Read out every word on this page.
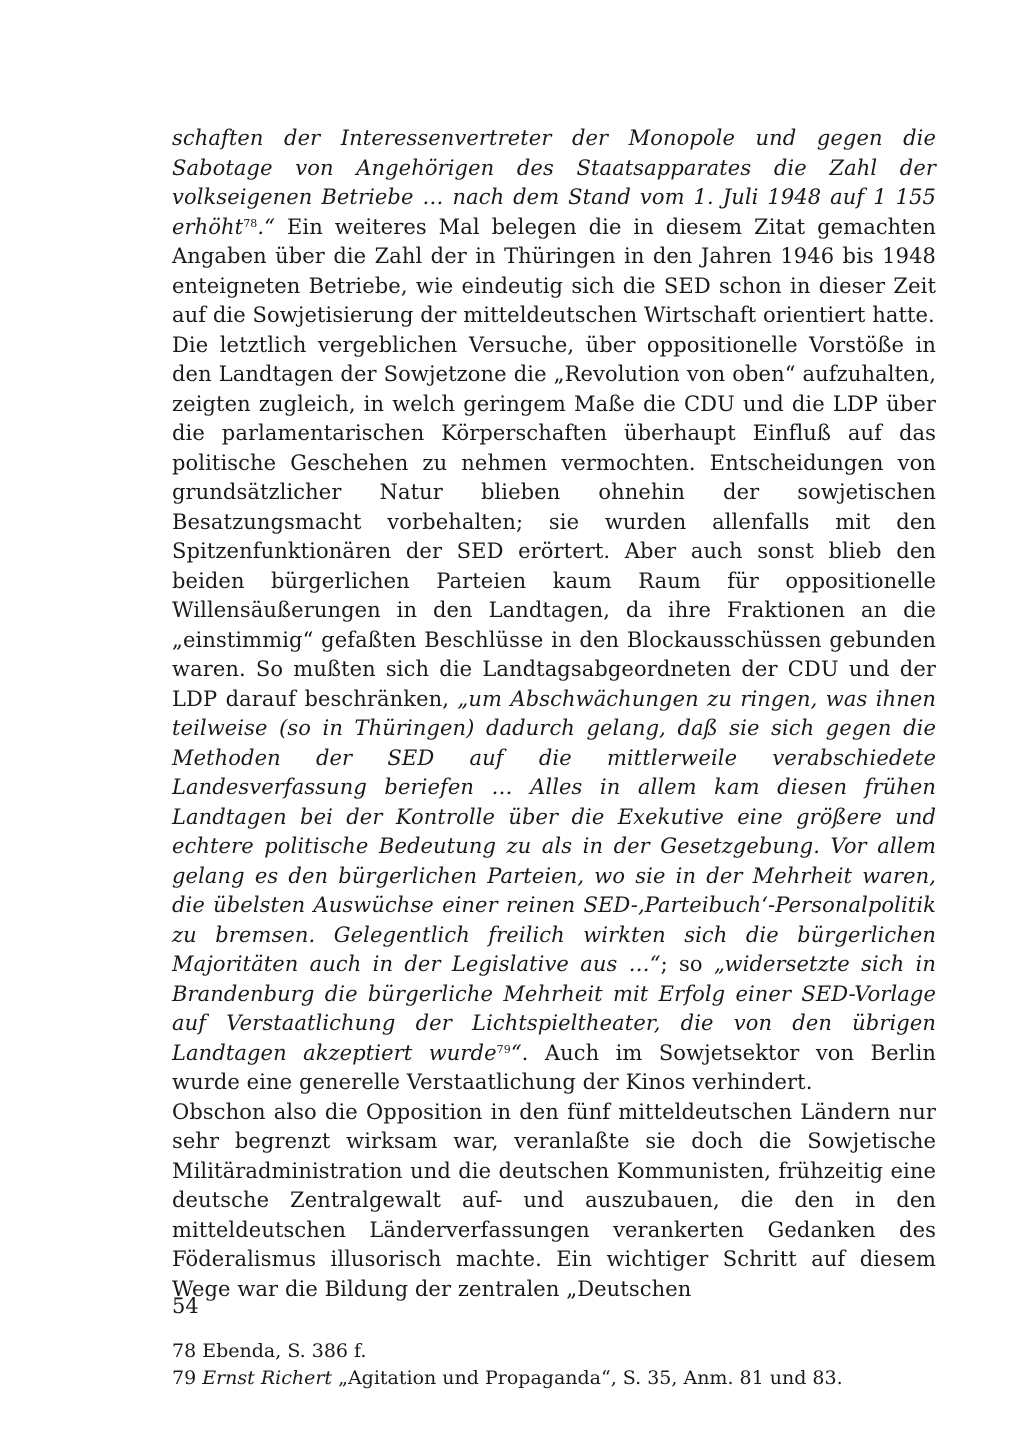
schaften der Interessenvertreter der Monopole und gegen die Sabotage von Angehörigen des Staatsapparates die Zahl der volkseigenen Betriebe … nach dem Stand vom 1. Juli 1948 auf 1 155 erhöht$^{78}$.“ Ein weiteres Mal belegen die in diesem Zitat gemachten Angaben über die Zahl der in Thüringen in den Jahren 1946 bis 1948 enteigneten Betriebe, wie eindeutig sich die SED schon in dieser Zeit auf die Sowjetisierung der mitteldeutschen Wirtschaft orientiert hatte.

Die letztlich vergeblichen Versuche, über oppositionelle Vorstöße in den Landtagen der Sowjetzone die „Revolution von oben“ aufzuhalten, zeigten zugleich, in welch geringem Maße die CDU und die LDP über die parlamentarischen Körperschaften überhaupt Einfluß auf das politische Geschehen zu nehmen vermochten. Entscheidungen von grundsätzlicher Natur blieben ohnehin der sowjetischen Besatzungsmacht vorbehalten; sie wurden allenfalls mit den Spitzenfunktionären der SED erörtert. Aber auch sonst blieb den beiden bürgerlichen Parteien kaum Raum für oppositionelle Willensäußerungen in den Landtagen, da ihre Fraktionen an die „einstimmig“ gefaßten Beschlüsse in den Blockausschüssen gebunden waren. So mußten sich die Landtagsabgeordneten der CDU und der LDP darauf beschränken, „um Abschwächungen zu ringen, was ihnen teilweise (so in Thüringen) dadurch gelang, daß sie sich gegen die Methoden der SED auf die mittlerweile verabschiedete Landesverfassung beriefen … Alles in allem kam diesen frühen Landtagen bei der Kontrolle über die Exekutive eine größere und echtere politische Bedeutung zu als in der Gesetzgebung. Vor allem gelang es den bürgerlichen Parteien, wo sie in der Mehrheit waren, die übelsten Auswüchse einer reinen SED-‚Parteibuch‘-Personalpolitik zu bremsen. Gelegentlich freilich wirkten sich die bürgerlichen Majoritäten auch in der Legislative aus …“; so „widersetzte sich in Brandenburg die bürgerliche Mehrheit mit Erfolg einer SED-Vorlage auf Verstaatlichung der Lichtspieltheater, die von den übrigen Landtagen akzeptiert wurde$^{79}$“. Auch im Sowjetsektor von Berlin wurde eine generelle Verstaatlichung der Kinos verhindert.

Obschon also die Opposition in den fünf mitteldeutschen Ländern nur sehr begrenzt wirksam war, veranlaßte sie doch die Sowjetische Militäradministration und die deutschen Kommunisten, frühzeitig eine deutsche Zentralgewalt auf- und auszubauen, die den in den mitteldeutschen Länderverfassungen verankerten Gedanken des Föderalismus illusorisch machte. Ein wichtiger Schritt auf diesem Wege war die Bildung der zentralen „Deutschen

78 Ebenda, S. 386 f.

79 Ernst Richert „Agitation und Propaganda“, S. 35, Anm. 81 und 83.

54
